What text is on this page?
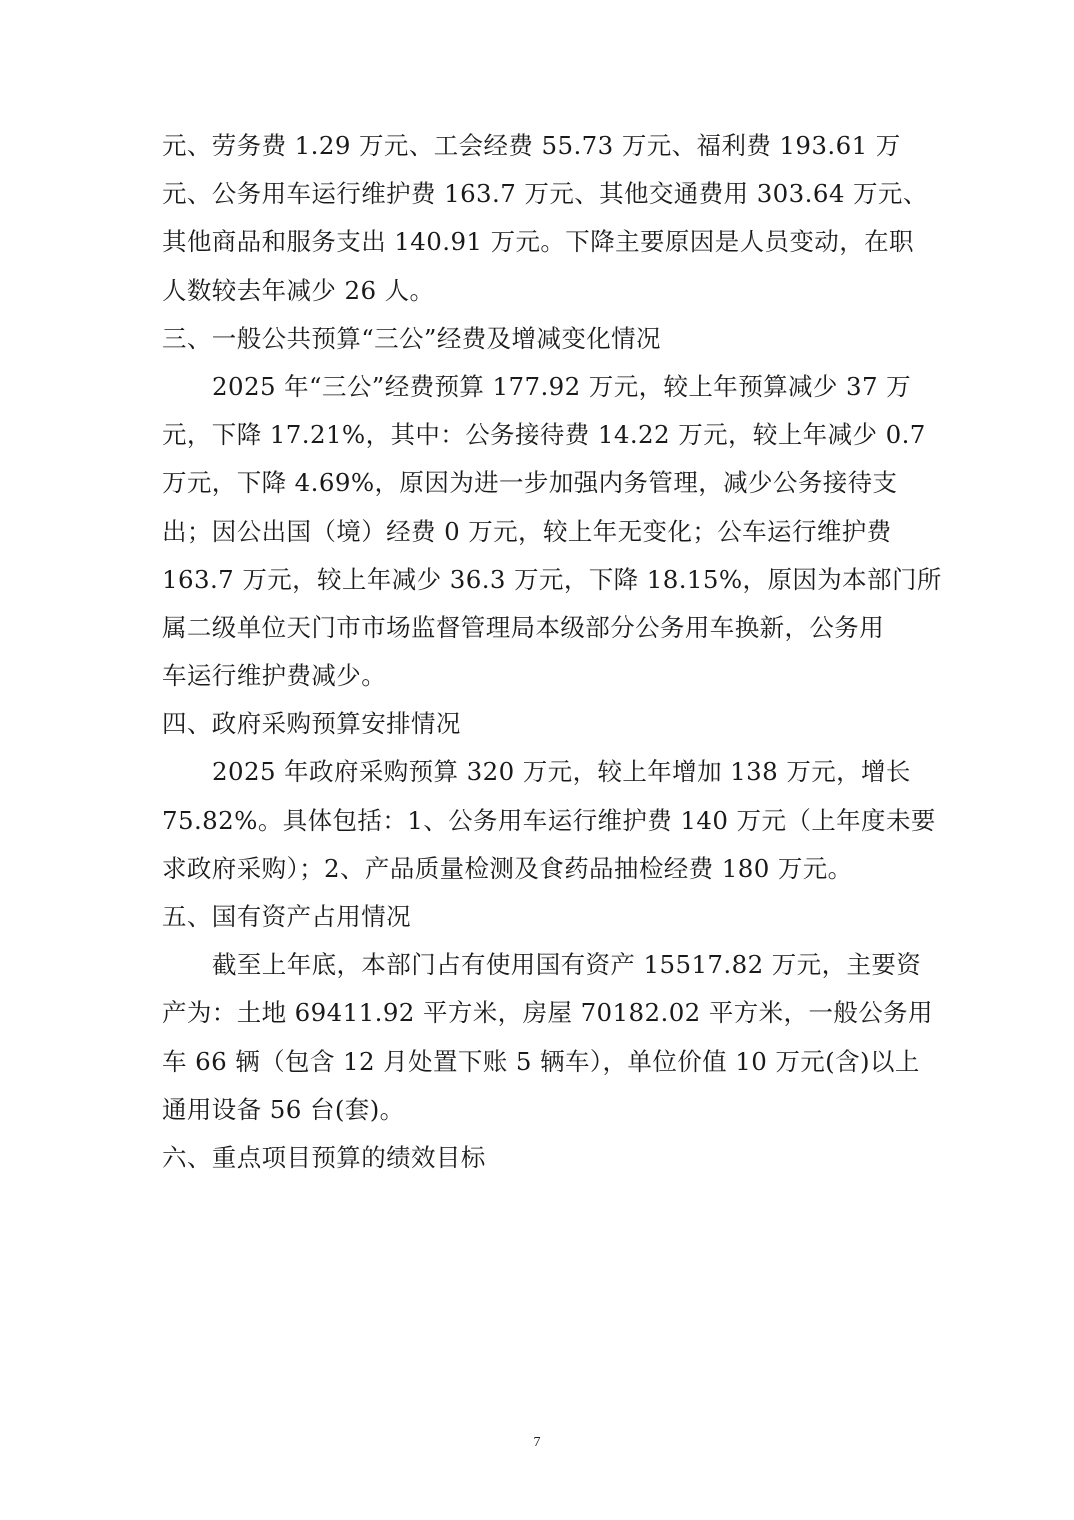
元、劳务费 1.29 万元、工会经费 55.73 万元、福利费 193.61 万
元、公务用车运行维护费 163.7 万元、其他交通费用 303.64 万元、
其他商品和服务支出 140.91 万元。下降主要原因是人员变动，在职
人数较去年减少 26 人。
三、一般公共预算“三公”经费及增减变化情况
2025 年“三公”经费预算 177.92 万元，较上年预算减少 37 万
元，下降 17.21%，其中：公务接待费 14.22 万元，较上年减少 0.7
万元，下降 4.69%，原因为进一步加强内务管理，减少公务接待支
出；因公出国（境）经费 0 万元，较上年无变化；公车运行维护费
163.7 万元，较上年减少 36.3 万元，下降 18.15%，原因为本部门所
属二级单位天门市市场监督管理局本级部分公务用车换新，公务用
车运行维护费减少。
四、政府采购预算安排情况
2025 年政府采购预算 320 万元，较上年增加 138 万元，增长
75.82%。具体包括：1、公务用车运行维护费 140 万元（上年度未要
求政府采购）；2、产品质量检测及食药品抽检经费 180 万元。
五、国有资产占用情况
截至上年底，本部门占有使用国有资产 15517.82 万元，主要资
产为：土地 69411.92 平方米，房屋 70182.02 平方米，一般公务用
车 66 辆（包含 12 月处置下账 5 辆车），单位价值 10 万元(含)以上
通用设备 56 台(套)。
六、重点项目预算的绩效目标
7
